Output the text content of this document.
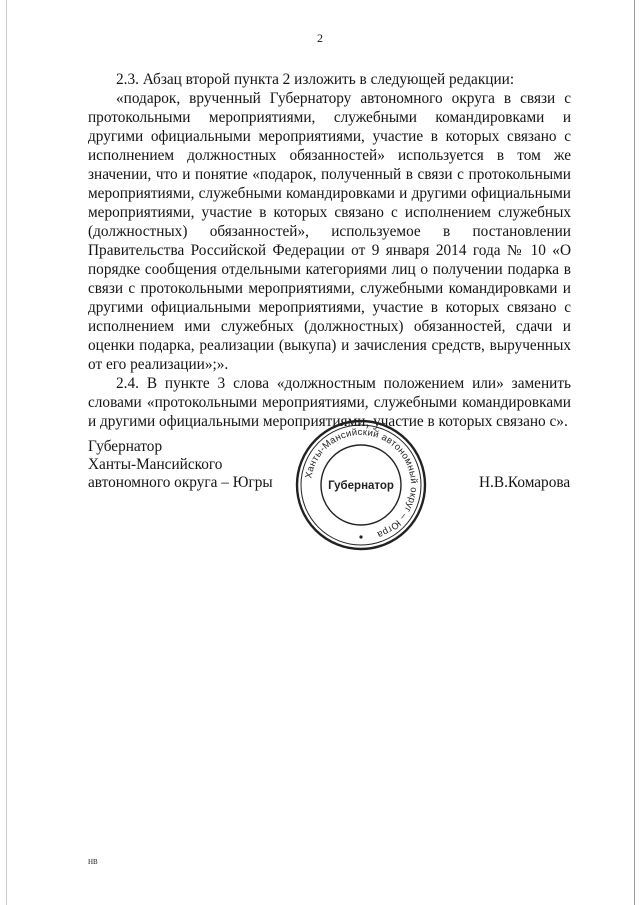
2

2.3. Абзац второй пункта 2 изложить в следующей редакции:

«подарок, врученный Губернатору автономного округа в связи с протокольными мероприятиями, служебными командировками и другими официальными мероприятиями, участие в которых связано с исполнением должностных обязанностей» используется в том же значении, что и понятие «подарок, полученный в связи с протокольными мероприятиями, служебными командировками и другими официальными мероприятиями, участие в которых связано с исполнением служебных (должностных) обязанностей», используемое в постановлении Правительства Российской Федерации от 9 января 2014 года № 10 «О порядке сообщения отдельными категориями лиц о получении подарка в связи с протокольными мероприятиями, служебными командировками и другими официальными мероприятиями, участие в которых связано с исполнением ими служебных (должностных) обязанностей, сдачи и оценки подарка, реализации (выкупа) и зачисления средств, вырученных от его реализации»;».

2.4. В пункте 3 слова «должностным положением или» заменить словами «протокольными мероприятиями, служебными командировками и другими официальными мероприятиями, участие в которых связано с».

Губернатор
Ханты-Мансийского
автономного округа – Югры	Ханты-Мансийский автономный округ – Югра
Губернатор	Н.В.Комарова
HB
